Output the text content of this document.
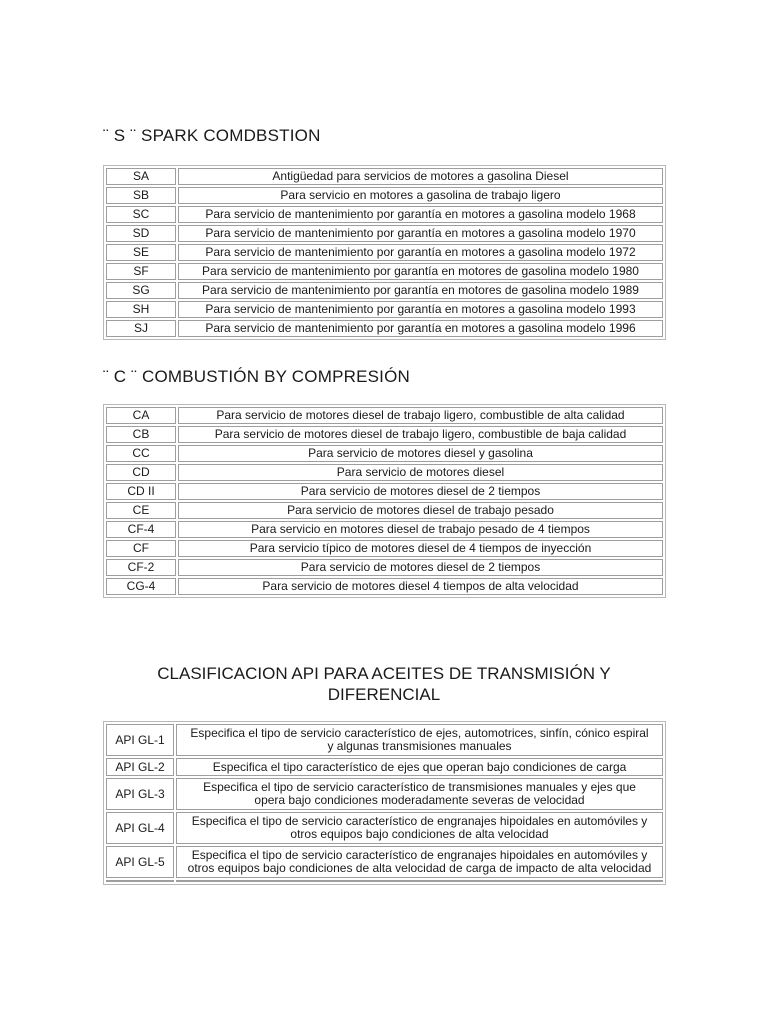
¨ S ¨ SPARK COMDBSTION
SA	Antigüedad para servicios de motores a gasolina Diesel
SB	Para servicio en motores a gasolina de trabajo ligero
SC	Para servicio de mantenimiento por garantía en motores a gasolina modelo 1968
SD	Para servicio de mantenimiento por garantía en motores a gasolina modelo 1970
SE	Para servicio de mantenimiento por garantía en motores a gasolina modelo 1972
SF	Para servicio de mantenimiento por garantía en motores de gasolina modelo 1980
SG	Para servicio de mantenimiento por garantía en motores de gasolina modelo 1989
SH	Para servicio de mantenimiento por garantía en motores a gasolina modelo 1993
SJ	Para servicio de mantenimiento por garantía en motores a gasolina modelo 1996
¨ C ¨ COMBUSTIÓN BY COMPRESIÓN
CA	Para servicio de motores diesel de trabajo ligero, combustible de alta calidad
CB	Para servicio de motores diesel de trabajo ligero, combustible de baja calidad
CC	Para servicio de motores diesel y gasolina
CD	Para servicio de motores diesel
CD II	Para servicio de motores diesel de 2 tiempos
CE	Para servicio de motores diesel de trabajo pesado
CF-4	Para servicio en motores diesel de trabajo pesado de 4 tiempos
CF	Para servicio típico de motores diesel de 4 tiempos de inyección
CF-2	Para servicio de motores diesel de 2 tiempos
CG-4	Para servicio de motores diesel 4 tiempos de alta velocidad
CLASIFICACION API PARA ACEITES DE TRANSMISIÓN Y
DIFERENCIAL
API GL-1	Especifica el tipo de servicio característico de ejes, automotrices, sinfín, cónico espiral
y algunas transmisiones manuales

API GL-2	Especifica el tipo característico de ejes que operan bajo condiciones de carga

API GL-3	Especifica el tipo de servicio característico de transmisiones manuales y ejes que
opera bajo condiciones moderadamente severas de velocidad

API GL-4	Especifica el tipo de servicio característico de engranajes hipoidales en automóviles y
otros equipos bajo condiciones de alta velocidad

API GL-5	Especifica el tipo de servicio característico de engranajes hipoidales en automóviles y
otros equipos bajo condiciones de alta velocidad de carga de impacto de alta velocidad
